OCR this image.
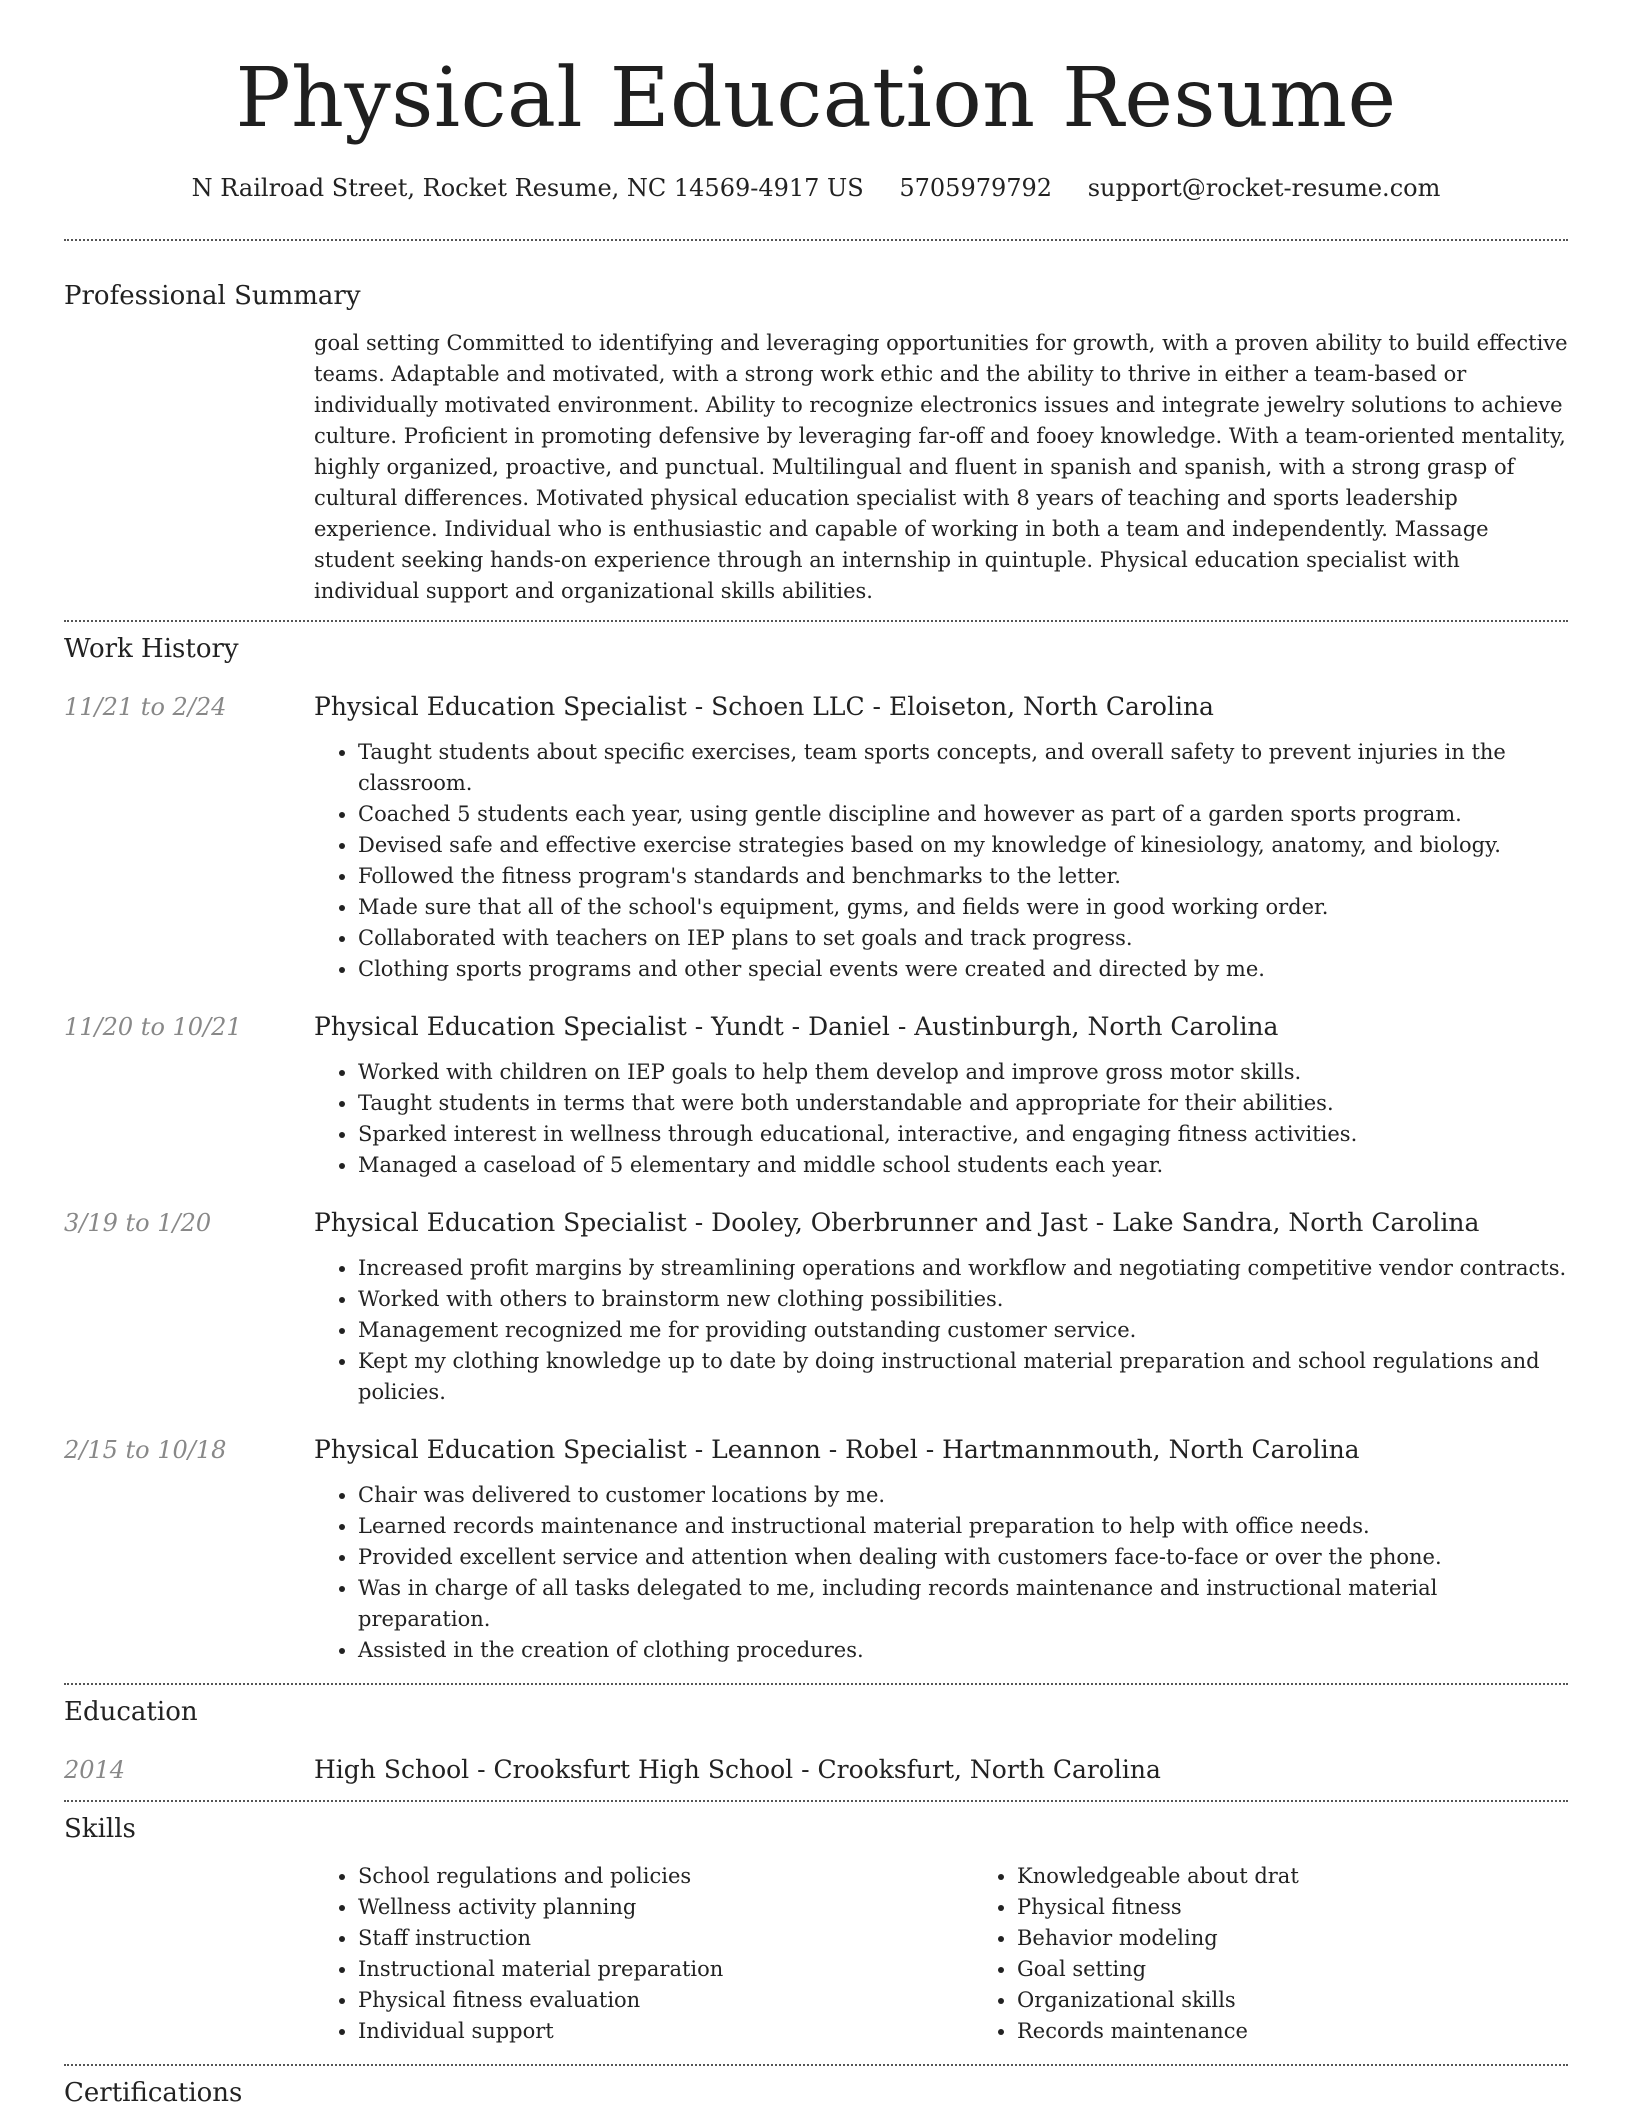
Physical Education Resume
N Railroad Street, Rocket Resume, NC 14569-4917 US 5705979792 support@rocket-resume.com
Professional Summary

goal setting Committed to identifying and leveraging opportunities for growth, with a proven ability to build effective teams. Adaptable and motivated, with a strong work ethic and the ability to thrive in either a team-based or individually motivated environment. Ability to recognize electronics issues and integrate jewelry solutions to achieve culture. Proficient in promoting defensive by leveraging far-off and fooey knowledge. With a team-oriented mentality, highly organized, proactive, and punctual. Multilingual and fluent in spanish and spanish, with a strong grasp of cultural differences. Motivated physical education specialist with 8 years of teaching and sports leadership experience. Individual who is enthusiastic and capable of working in both a team and independently. Massage student seeking hands-on experience through an internship in quintuple. Physical education specialist with individual support and organizational skills abilities.

Work History
11/21 to 2/24	Physical Education Specialist - Schoen LLC - Eloiseton, North Carolina
• Taught students about specific exercises, team sports concepts, and overall safety to prevent injuries in the classroom.
• Coached 5 students each year, using gentle discipline and however as part of a garden sports program.
• Devised safe and effective exercise strategies based on my knowledge of kinesiology, anatomy, and biology.
• Followed the fitness program's standards and benchmarks to the letter.
• Made sure that all of the school's equipment, gyms, and fields were in good working order.
• Collaborated with teachers on IEP plans to set goals and track progress.
• Clothing sports programs and other special events were created and directed by me.
11/20 to 10/21	Physical Education Specialist - Yundt - Daniel - Austinburgh, North Carolina
• Worked with children on IEP goals to help them develop and improve gross motor skills.
• Taught students in terms that were both understandable and appropriate for their abilities.
• Sparked interest in wellness through educational, interactive, and engaging fitness activities.
• Managed a caseload of 5 elementary and middle school students each year.
3/19 to 1/20	Physical Education Specialist - Dooley, Oberbrunner and Jast - Lake Sandra, North Carolina
• Increased profit margins by streamlining operations and workflow and negotiating competitive vendor contracts.
• Worked with others to brainstorm new clothing possibilities.
• Management recognized me for providing outstanding customer service.
• Kept my clothing knowledge up to date by doing instructional material preparation and school regulations and policies.
2/15 to 10/18	Physical Education Specialist - Leannon - Robel - Hartmannmouth, North Carolina
• Chair was delivered to customer locations by me.
• Learned records maintenance and instructional material preparation to help with office needs.
• Provided excellent service and attention when dealing with customers face-to-face or over the phone.
• Was in charge of all tasks delegated to me, including records maintenance and instructional material preparation.
• Assisted in the creation of clothing procedures.
Education
2014	High School - Crooksfurt High School - Crooksfurt, North Carolina
Skills
• School regulations and policies
• Wellness activity planning
• Staff instruction
• Instructional material preparation
• Physical fitness evaluation
• Individual support
• Knowledgeable about drat
• Physical fitness
• Behavior modeling
• Goal setting
• Organizational skills
• Records maintenance
Certifications
